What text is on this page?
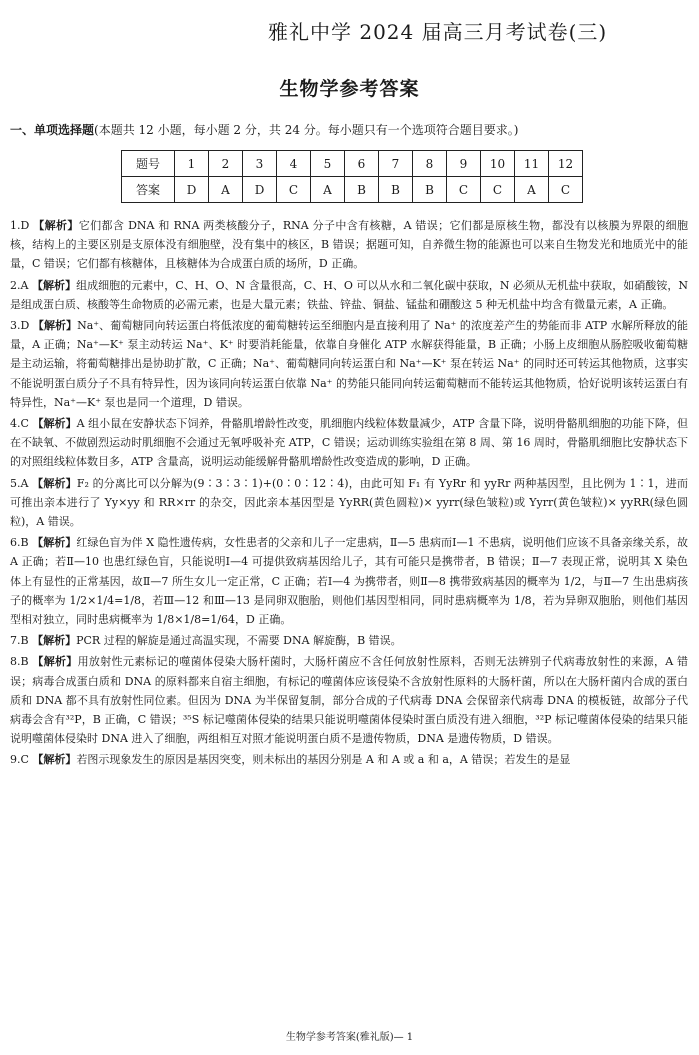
雅礼中学 2024 届高三月考试卷(三)
生物学参考答案
一、单项选择题(本题共 12 小题，每小题 2 分，共 24 分。每小题只有一个选项符合题目要求。)
题号	1	2	3	4	5	6	7	8	9	10	11	12
答案	D	A	D	C	A	B	B	B	C	C	A	C

1.D 【解析】它们都含 DNA 和 RNA 两类核酸分子，RNA 分子中含有核糖，A 错误；它们都是原核生物，都没有以核膜为界限的细胞核，结构上的主要区别是支原体没有细胞壁，没有集中的核区，B 错误；据题可知，自养微生物的能源也可以来自生物发光和地质光中的能量，C 错误；它们都有核糖体，且核糖体为合成蛋白质的场所，D 正确。

2.A 【解析】组成细胞的元素中，C、H、O、N 含量很高，C、H、O 可以从水和二氧化碳中获取，N 必须从无机盐中获取，如硝酸铵，N 是组成蛋白质、核酸等生命物质的必需元素，也是大量元素；铁盐、锌盐、铜盐、锰盐和硼酸这 5 种无机盐中均含有微量元素，A 正确。

3.D 【解析】Na⁺、葡萄糖同向转运蛋白将低浓度的葡萄糖转运至细胞内是直接利用了 Na⁺ 的浓度差产生的势能而非 ATP 水解所释放的能量，A 正确；Na⁺—K⁺ 泵主动转运 Na⁺、K⁺ 时要消耗能量，依靠自身催化 ATP 水解获得能量，B 正确；小肠上皮细胞从肠腔吸收葡萄糖是主动运输，将葡萄糖排出是协助扩散，C 正确；Na⁺、葡萄糖同向转运蛋白和 Na⁺—K⁺ 泵在转运 Na⁺ 的同时还可转运其他物质，这事实不能说明蛋白质分子不具有特异性，因为该同向转运蛋白依靠 Na⁺ 的势能只能同向转运葡萄糖而不能转运其他物质，恰好说明该转运蛋白有特异性，Na⁺—K⁺ 泵也是同一个道理，D 错误。

4.C 【解析】A 组小鼠在安静状态下饲养，骨骼肌增龄性改变，肌细胞内线粒体数量减少，ATP 含量下降，说明骨骼肌细胞的功能下降，但在不缺氧、不做剧烈运动时肌细胞不会通过无氧呼吸补充 ATP，C 错误；运动训练实验组在第 8 周、第 16 周时，骨骼肌细胞比安静状态下的对照组线粒体数目多，ATP 含量高，说明运动能缓解骨骼肌增龄性改变造成的影响，D 正确。

5.A 【解析】F₂ 的分离比可以分解为(9∶3∶3∶1)+(0∶0∶12∶4)，由此可知 F₁ 有 YyRr 和 yyRr 两种基因型，且比例为 1∶1，进而可推出亲本进行了 Yy×yy 和 RR×rr 的杂交，因此亲本基因型是 YyRR(黄色圆粒)× yyrr(绿色皱粒)或 Yyrr(黄色皱粒)× yyRR(绿色圆粒)，A 错误。

6.B 【解析】红绿色盲为伴 X 隐性遗传病，女性患者的父亲和儿子一定患病，Ⅱ—5 患病而Ⅰ—1 不患病，说明他们应该不具备亲缘关系，故 A 正确；若Ⅱ—10 也患红绿色盲，只能说明Ⅰ—4 可提供致病基因给儿子，其有可能只是携带者，B 错误；Ⅱ—7 表现正常，说明其 X 染色体上有显性的正常基因，故Ⅱ—7 所生女儿一定正常，C 正确；若Ⅰ—4 为携带者，则Ⅱ—8 携带致病基因的概率为 1/2，与Ⅱ—7 生出患病孩子的概率为 1/2×1/4=1/8，若Ⅲ—12 和Ⅲ—13 是同卵双胞胎，则他们基因型相同，同时患病概率为 1/8，若为异卵双胞胎，则他们基因型相对独立，同时患病概率为 1/8×1/8=1/64，D 正确。

7.B 【解析】PCR 过程的解旋是通过高温实现，不需要 DNA 解旋酶，B 错误。

8.B 【解析】用放射性元素标记的噬菌体侵染大肠杆菌时，大肠杆菌应不含任何放射性原料，否则无法辨别子代病毒放射性的来源，A 错误；病毒合成蛋白质和 DNA 的原料都来自宿主细胞，有标记的噬菌体应该侵染不含放射性原料的大肠杆菌，所以在大肠杆菌内合成的蛋白质和 DNA 都不具有放射性同位素。但因为 DNA 为半保留复制，部分合成的子代病毒 DNA 会保留亲代病毒 DNA 的模板链，故部分子代病毒会含有³²P，B 正确，C 错误；³⁵S 标记噬菌体侵染的结果只能说明噬菌体侵染时蛋白质没有进入细胞，³²P 标记噬菌体侵染的结果只能说明噬菌体侵染时 DNA 进入了细胞，两组相互对照才能说明蛋白质不是遗传物质，DNA 是遗传物质，D 错误。

9.C 【解析】若图示现象发生的原因是基因突变，则未标出的基因分别是 A 和 A 或 a 和 a，A 错误；若发生的是显

生物学参考答案(雅礼版)— 1
